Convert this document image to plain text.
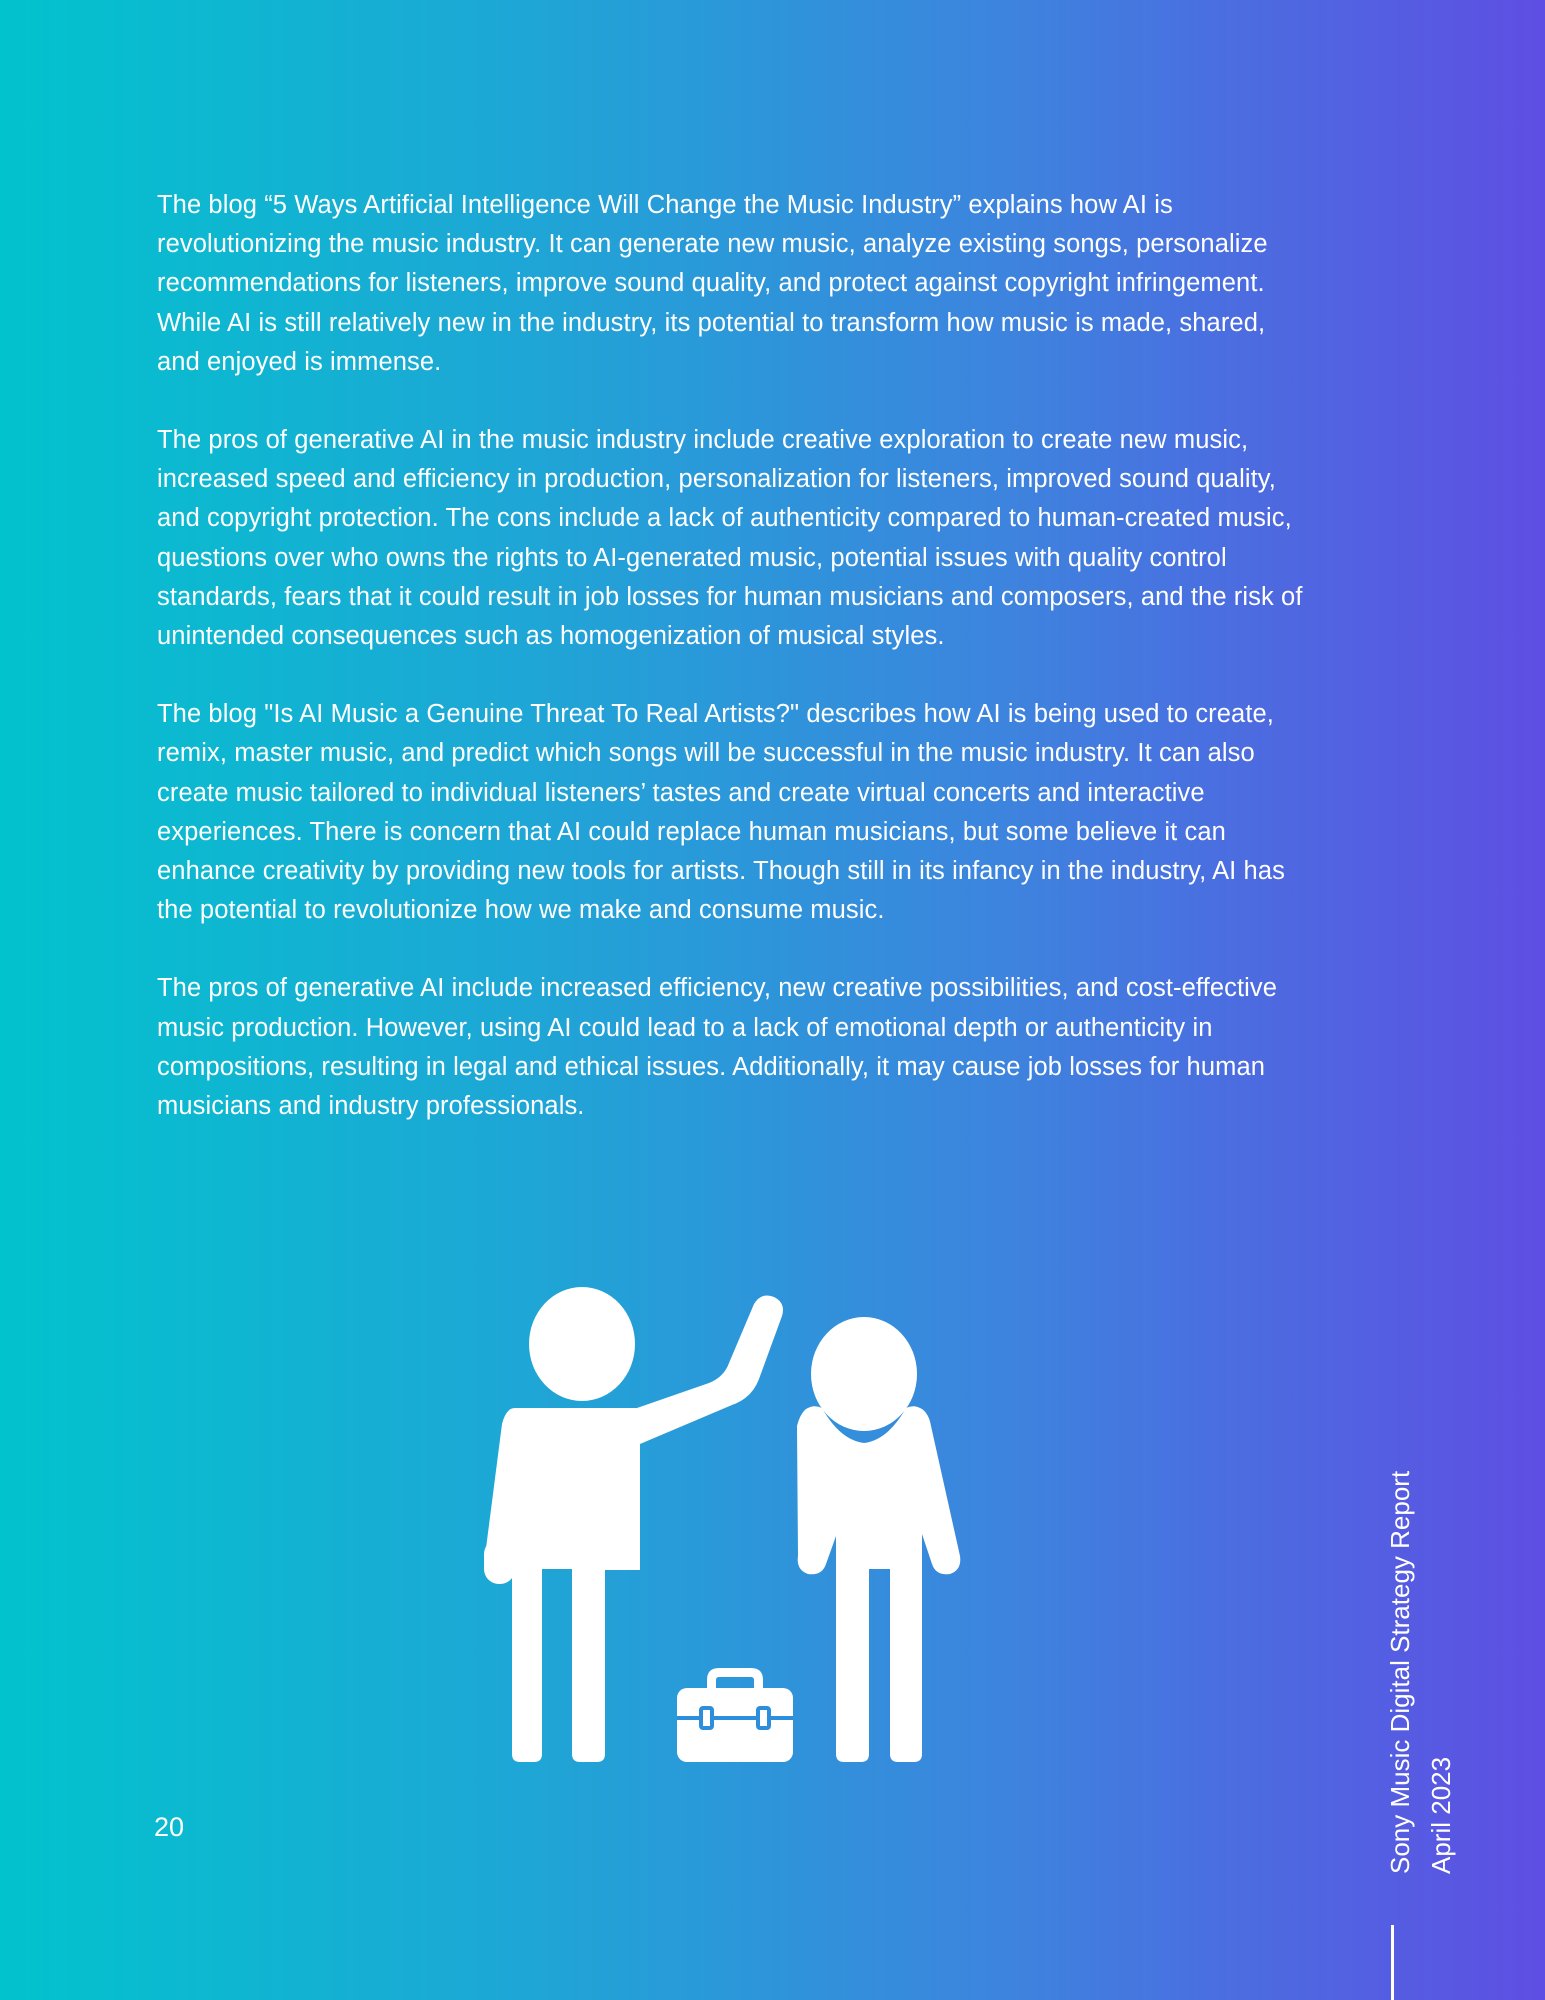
The blog “5 Ways Artificial Intelligence Will Change the Music Industry” explains how AI is revolutionizing the music industry. It can generate new music, analyze existing songs, personalize recommendations for listeners, improve sound quality, and protect against copyright infringement. While AI is still relatively new in the industry, its potential to transform how music is made, shared, and enjoyed is immense.

The pros of generative AI in the music industry include creative exploration to create new music, increased speed and efficiency in production, personalization for listeners, improved sound quality, and copyright protection. The cons include a lack of authenticity compared to human-created music, questions over who owns the rights to AI-generated music, potential issues with quality control standards, fears that it could result in job losses for human musicians and composers, and the risk of unintended consequences such as homogenization of musical styles.

The blog "Is AI Music a Genuine Threat To Real Artists?" describes how AI is being used to create, remix, master music, and predict which songs will be successful in the music industry. It can also create music tailored to individual listeners’ tastes and create virtual concerts and interactive experiences. There is concern that AI could replace human musicians, but some believe it can enhance creativity by providing new tools for artists. Though still in its infancy in the industry, AI has the potential to revolutionize how we make and consume music.

The pros of generative AI include increased efficiency, new creative possibilities, and cost-effective music production. However, using AI could lead to a lack of emotional depth or authenticity in compositions, resulting in legal and ethical issues. Additionally, it may cause job losses for human musicians and industry professionals.

20	Sony Music Digital Strategy Report April 2023
